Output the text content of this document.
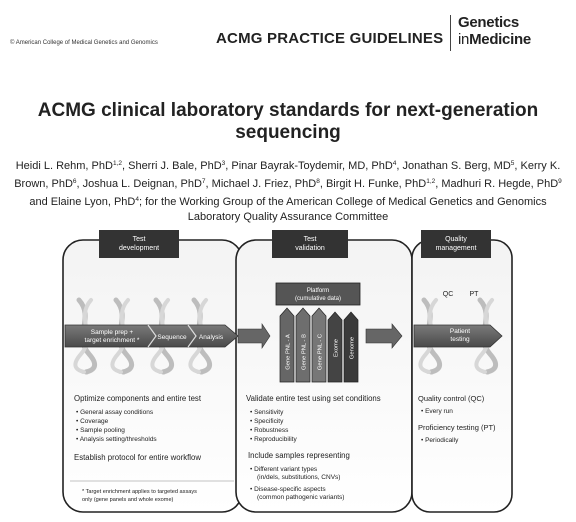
© American College of Medical Genetics and Genomics	ACMG PRACTICE GUIDELINES
Genetics
inMedicine
ACMG clinical laboratory standards for next-generation
sequencing
Heidi L. Rehm, PhD$^{1,2}$, Sherri J. Bale, PhD$^3$, Pinar Bayrak-Toydemir, MD, PhD$^4$, Jonathan S. Berg, $MD^5$, Kerry K. Brown, PhD$^6$, Joshua L. Deignan, PhD$^7$, Michael J. Friez, PhD$^8$, Birgit H. Funke, PhD$^{1,2}$, Madhuri R. Hegde, PhD$^9$ and Elaine Lyon, PhD$^4$; for the Working Group of the American College of Medical Genetics and Genomics Laboratory Quality Assurance Committee
Test
development
Test
validation
Quality
management
Sample prep +
target enrichment *	Sequence Analysis
Platform
(cumulative data)
Gene PNL - A Gene PNL - B Gene PNL - C Exome Genome
Patient
testing
QC PT
Optimize components and entire test
• General assay conditions
• Coverage
• Sample pooling
• Analysis setting/thresholds
Establish protocol for entire workflow
* Target enrichment applies to targeted assays
only (gene panels and whole exome)
Validate entire test using set conditions
• Sensitivity
• Specificity
• Robustness
• Reproducibility
Include samples representing
• Different variant types
(in/dels, substitutions, CNVs)
• Disease-specific aspects
(common pathogenic variants)
Quality control (QC)
• Every run
Proficiency testing (PT)
• Periodically
